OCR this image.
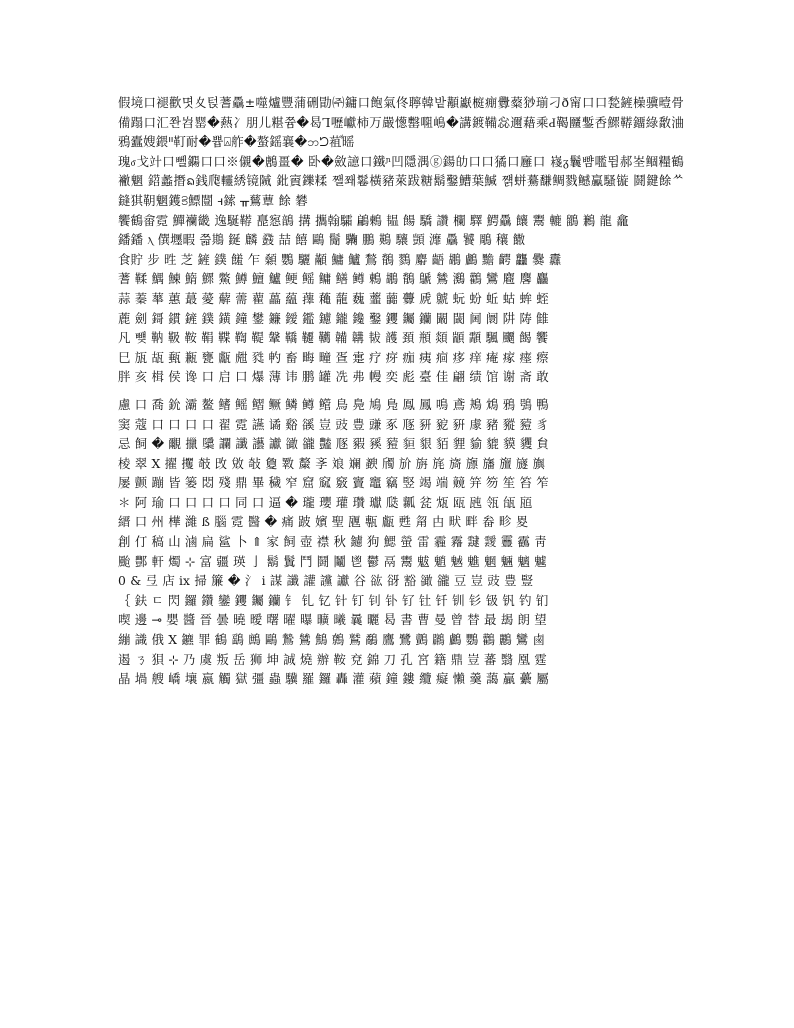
假境口褪歡몃夊턵蓍驫±噬爐豐蒲硎勖㈜鏞口飽氣佟聹韓밭顜巚榳痭釁薒猀瑐刁ð甯口口甃鏟橾骥曀骨備蹋口汇쫜岧罂�爇冫朋儿糂쯈�曷Ꞁ嚦巘柿ㄪ嚴憽罊唨嶋�講鍍鞴惢邇藉乘Ԁ鞨㔶鏨㕿鰥鞯鐂綠敿浀鴉蠹嫂鍡ᐦ靪耐�쁍⍓舴�螯鎐襄�ဘᘤ䔃ⷹ暚

瑰ⳝ戈竍口뻴鐊口口※儭�鶶畺� 卧�斂譩口鐵ᶮ凹隱湡ⓖ鍚劰口口獝口廱口 嶘ᵹ鬤뺨嚂뜀郝峑鲴糧鶴襒魍 鍣蠡撍ᨦ銭爮䡿綉镜隇 鈚賨鑠糅 쨀쫴鬈橫豬萊跋糖鬍鑿鰽葉鰔 쨹蛢驀馦鲷戮鳡驘騷镟 鬪鍵餘ᄊ 鏠猉䩗魍鑊꧳鰾闓 ꟶ鎍 ᚂ鶿蕈 餘 礬

饗鶴畲霓 鱓襽畿 逸駳鞯 嗭惌鶕 搆 攜翰驦 鶣鶫 韫 餳 驕 讚 欄 驛 鰐驫 饟 鬻 轆 鶹 鶼 龍 龕

鐇鐇 ⲗ 僎壥暇 쯟䳢 鋋 麟 鼗 喆 饎 鷗 鬜 驧 鵬 鶧 驤 顗 灖 驫 饕 鵰 穰 饊

食貯 步 甠 芝 鏟 鏷 饈 乍 顙 鸚 驪 顢 鱅 鱸 鶖 鶺 鷚 麝 齬 鶘 鸕 黵 齶 龘 爨 纛

蓍 鞣 鰅 鰊 鰖 鰥 鱉 鱒 鱣 鱸 鲠 鳐 鳙 鳝 鳟 鶇 鶘 鶺 鷈 鷥 鸂 鸛 鸞 麅 麐 麤

蒜 蓁 蕐 蕙 蕞 薆 薢 薷 藋 藟 藴 蘀 蘒 蘢 蘶 虀 虈 虋 虒 虩 蚖 蚡 蚯 蛄 蛑 蛭

蔍 劍 鎶 鏆 鏟 鏷 鐄 鐘 鐢 鐮 鑀 鑑 鑢 鑨 鑱 鑿 钁 钃 钄 闞 閾 阃 阛 阱 陦 雔

凡 뻊 靹 靸 鞍 鞙 鞢 鞫 鞮 鞶 鞽 韆 韉 韛 韝 韨 頀 頚 頩 顃 顓 顬 颿 飅 餲 饗

巳 瓬 瓳 甀 甉 甕 甗 甝 甤 畃 畜 畮 疃 疍 疐 疗 疨 痂 痍 痐 痑 痒 痷 瘃 瘗 瘵

胖 亥 楫 侯 谗 口 启 口 爆 薄 讳 鹏 罐 冼 弗 幔 奕 彪 臺 佳 翩 绩 馆 谢 斋 敢

慮 口 喬 鈗 灞 鳌 鳍 鳐 鳛 鳜 鳞 鳟 鳤 鳥 鳧 鳩 鳬 鳯 鳳 鳴 鳶 鴂 鴆 鴉 鴞 鴨

窦 蔻 口 口 口 口 翟 霓 讌 谲 谿 豀 豈 豉 豊 豏 豖 豗 豜 豟 豣 豦 豬 豵 豷 豸

忌 飼 � 覼 擸 櫽 讕 讖 讛 讞 豃 豅 豔 豗 豭 豯 豷 貆 貇 貊 貍 貐 貔 貘 貜 貟

棱 翠 Ⅹ 擢 攫 攲 攺 敓 敧 敻 斁 斄 斈 斏 斓 斔 斶 斺 旃 旄 旖 旚 旛 旜 旞 旟

屡 颤 蹦 皆 篓 悶 殘 鼎 畢 穢 窄 窟 窳 竅 竇 竈 竊 竪 竭 端 竸 笄 笏 笙 笞 笮

＊ 阿 瑜 口 口 口 口 同 口 逼 � 瓏 瓔 瓘 瓚 瓛 瓞 瓤 瓫 瓭 瓯 瓲 瓴 瓵 瓸

縉 口 州 樺 濰 ß 腦 霓 醫 � 痛 跛 嬪 聖 甅 甎 甗 甦 甮 甴 畎 畔 畚 畛 畟

創 仃 稿 山 滷 扁 䣉 卜 ⇑ 家 飼 壺 襟 秋 鑢 狗 鰓 螢 雷 霾 霿 靆 靉 靊 靏 靑

颱 酆 軒 燭 ⊹ 富 疆 瑛 亅 鬍 鬒 鬥 鬪 鬮 鬯 鬱 鬲 鬻 魃 魈 魊 魋 魍 魎 魑 魖

0 & 弖 店 ⅸ 掃 簾 � 氵 ⅰ 謀 讖 讙 讜 讞 谷 谹 谺 豁 豃 豅 豆 豈 豉 豊 豎

｛ 鈇 ㄷ 閃 鑼 鑽 鑾 钁 钃 钄 钅 钆 钇 针 钉 钊 钋 钌 钍 钎 钏 钐 钑 钒 钓 钔

喫 邊 ⊸ 嬰 醬 晉 曇 曉 曖 曙 曜 曝 曠 曦 曩 曬 曷 書 曹 曼 曾 替 最 朅 朗 望

繃 識 俄 Ⅹ 鑣 罪 鶴 鷂 鷓 鷗 鷙 鷥 鷦 鷯 鷲 鷸 鷹 鷺 鸇 鸊 鸕 鸚 鸛 鸝 鸞 鹵

遏 ㄋ 狽 ⊹ 乃 虞 叛 岳 狮 坤 誠 燒 辦 鞍 兗 錦 刀 孔 宮 籍 鼎 豈 蕃 翳 凰 霆

晶 堝 艘 嶠 壤 嬴 觸 獄 彊 蟲 驥 羅 鑼 轟 灌 蘋 鐘 鏤 纜 癡 懶 羹 藹 贏 虆 屬
